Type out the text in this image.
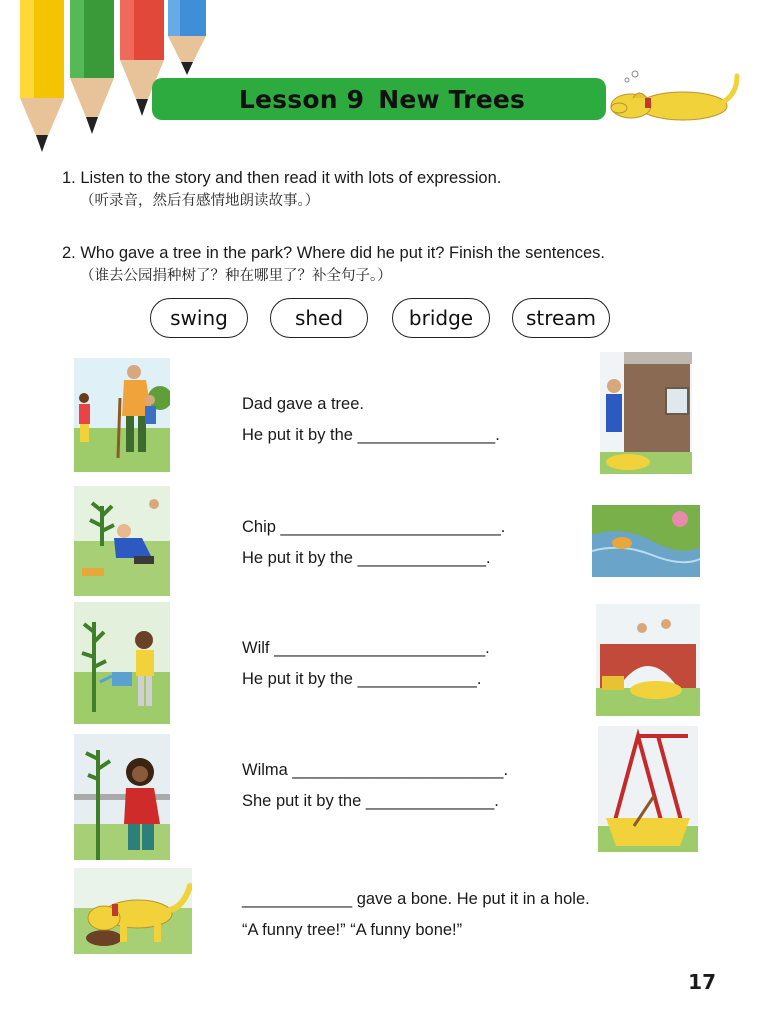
Lesson 9 New Trees
1. Listen to the story and then read it with lots of expression.
（听录音，然后有感情地朗读故事。）
2. Who gave a tree in the park? Where did he put it? Finish the sentences.
（谁去公园捐种树了？种在哪里了？补全句子。）
swing	shed	bridge	stream
Dad gave a tree.
He put it by the _______________.
Chip ________________________.
He put it by the ______________.
Wilf _______________________.
He put it by the _____________.
Wilma _______________________.
She put it by the ______________.
____________ gave a bone. He put it in a hole.
“A funny tree!” “A funny bone!”
17
